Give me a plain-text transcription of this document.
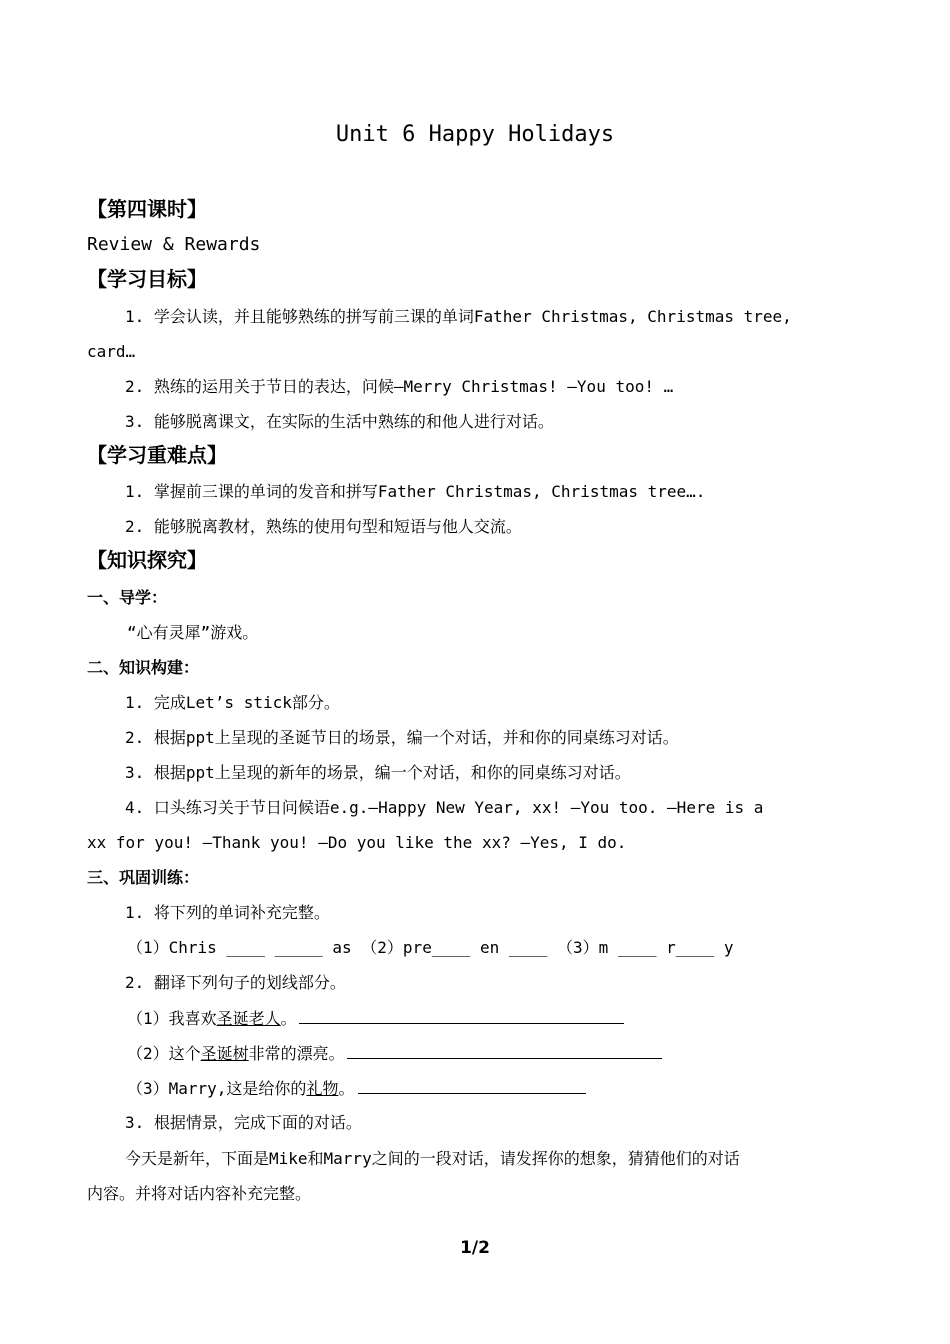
Unit 6 Happy Holidays
【第四课时】
Review & Rewards
【学习目标】
1. 学会认读，并且能够熟练的拼写前三课的单词Father Christmas, Christmas tree,
card…
2. 熟练的运用关于节日的表达，问候—Merry Christmas! —You too! …
3. 能够脱离课文，在实际的生活中熟练的和他人进行对话。
【学习重难点】
1. 掌握前三课的单词的发音和拼写Father Christmas, Christmas tree….
2. 能够脱离教材，熟练的使用句型和短语与他人交流。
【知识探究】
一、导学：
“心有灵犀”游戏。
二、知识构建：
1. 完成Let’s stick部分。
2. 根据ppt上呈现的圣诞节日的场景，编一个对话，并和你的同桌练习对话。
3. 根据ppt上呈现的新年的场景，编一个对话，和你的同桌练习对话。
4. 口头练习关于节日问候语e.g.—Happy New Year, xx! —You too. —Here is a
xx for you! —Thank you! —Do you like the xx? —Yes, I do.
三、巩固训练：
1. 将下列的单词补充完整。
（1）Chris ____ _____ as （2）pre____ en ____ （3）m ____ r____ y
2. 翻译下列句子的划线部分。
（1）我喜欢圣诞老人。
（2）这个圣诞树非常的漂亮。
（3）Marry,这是给你的礼物。
3. 根据情景，完成下面的对话。
今天是新年，下面是Mike和Marry之间的一段对话，请发挥你的想象，猜猜他们的对话
内容。并将对话内容补充完整。
1/2
